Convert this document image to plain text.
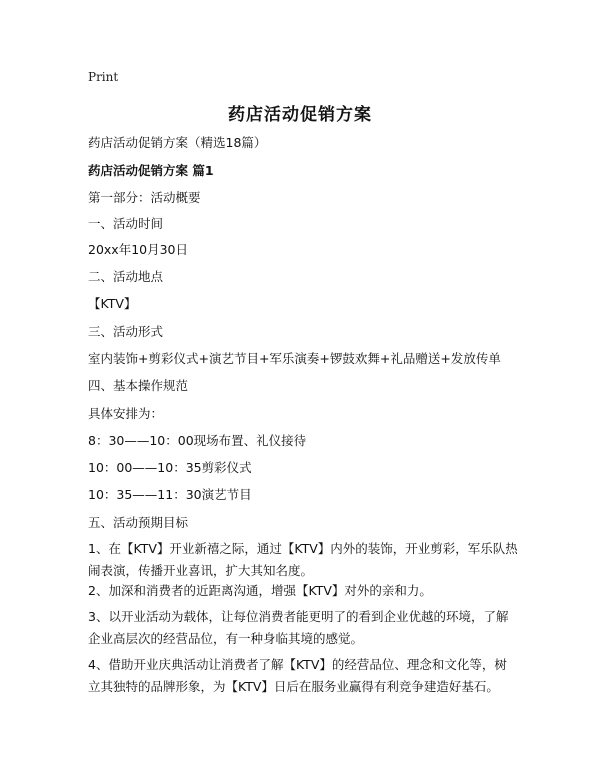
Print
药店活动促销方案
药店活动促销方案（精选18篇）
药店活动促销方案 篇1
第一部分：活动概要
一、活动时间
20xx年10月30日
二、活动地点
【KTV】
三、活动形式
室内装饰+剪彩仪式+演艺节目+军乐演奏+锣鼓欢舞+礼品赠送+发放传单
四、基本操作规范
具体安排为：
8：30——10：00现场布置、礼仪接待
10：00——10：35剪彩仪式
10：35——11：30演艺节目
五、活动预期目标
1、在【KTV】开业新禧之际，通过【KTV】内外的装饰，开业剪彩，军乐队热闹表演，传播开业喜讯，扩大其知名度。
2、加深和消费者的近距离沟通，增强【KTV】对外的亲和力。
3、以开业活动为载体，让每位消费者能更明了的看到企业优越的环境，了解企业高层次的经营品位，有一种身临其境的感觉。
4、借助开业庆典活动让消费者了解【KTV】的经营品位、理念和文化等，树立其独特的品牌形象，为【KTV】日后在服务业赢得有利竞争建造好基石。
